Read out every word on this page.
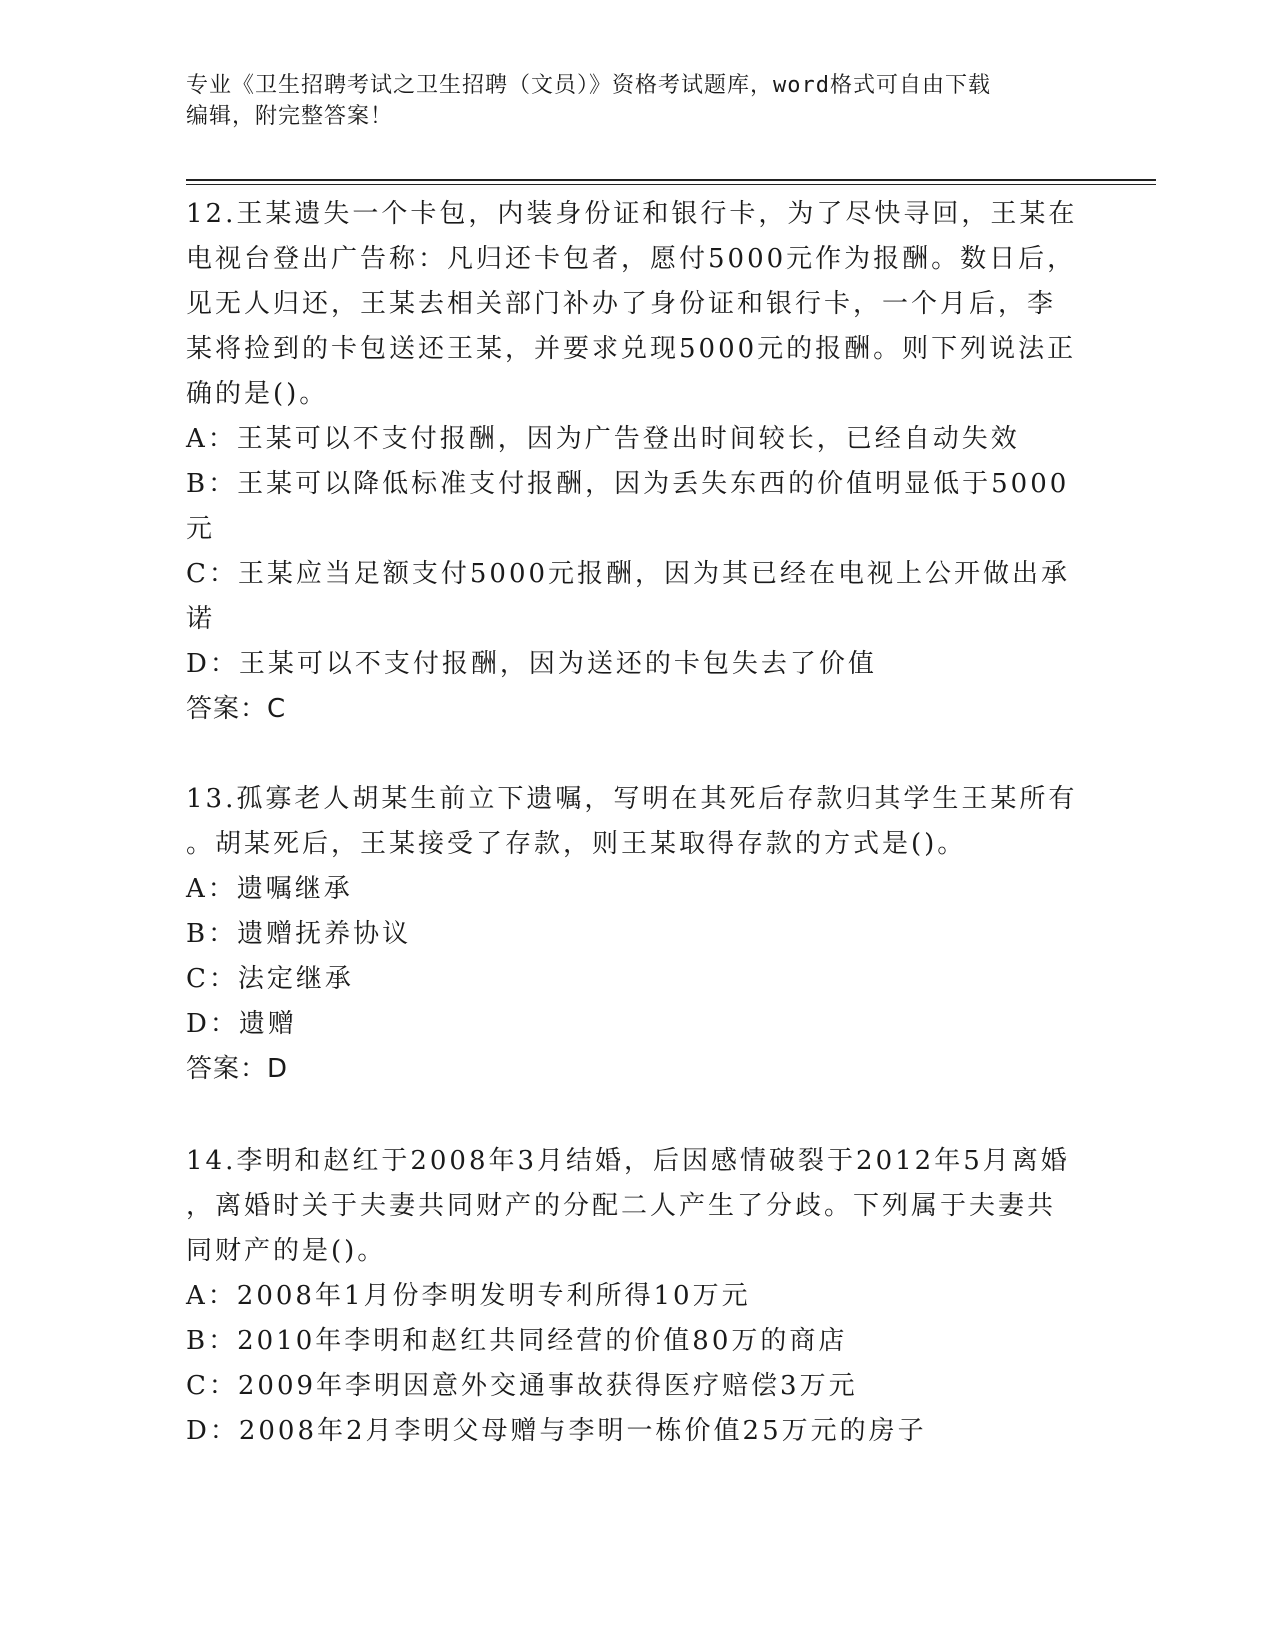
专业《卫生招聘考试之卫生招聘（文员）》资格考试题库，word格式可自由下载
编辑，附完整答案！
12.王某遗失一个卡包，内装身份证和银行卡，为了尽快寻回，王某在
电视台登出广告称：凡归还卡包者，愿付5000元作为报酬。数日后，
见无人归还，王某去相关部门补办了身份证和银行卡，一个月后，李
某将捡到的卡包送还王某，并要求兑现5000元的报酬。则下列说法正
确的是()。
A：王某可以不支付报酬，因为广告登出时间较长，已经自动失效
B：王某可以降低标准支付报酬，因为丢失东西的价值明显低于5000
元
C：王某应当足额支付5000元报酬，因为其已经在电视上公开做出承
诺
D：王某可以不支付报酬，因为送还的卡包失去了价值
答案：C
13.孤寡老人胡某生前立下遗嘱，写明在其死后存款归其学生王某所有
。胡某死后，王某接受了存款，则王某取得存款的方式是()。
A：遗嘱继承
B：遗赠抚养协议
C：法定继承
D：遗赠
答案：D
14.李明和赵红于2008年3月结婚，后因感情破裂于2012年5月离婚
，离婚时关于夫妻共同财产的分配二人产生了分歧。下列属于夫妻共
同财产的是()。
A：2008年1月份李明发明专利所得10万元
B：2010年李明和赵红共同经营的价值80万的商店
C：2009年李明因意外交通事故获得医疗赔偿3万元
D：2008年2月李明父母赠与李明一栋价值25万元的房子
